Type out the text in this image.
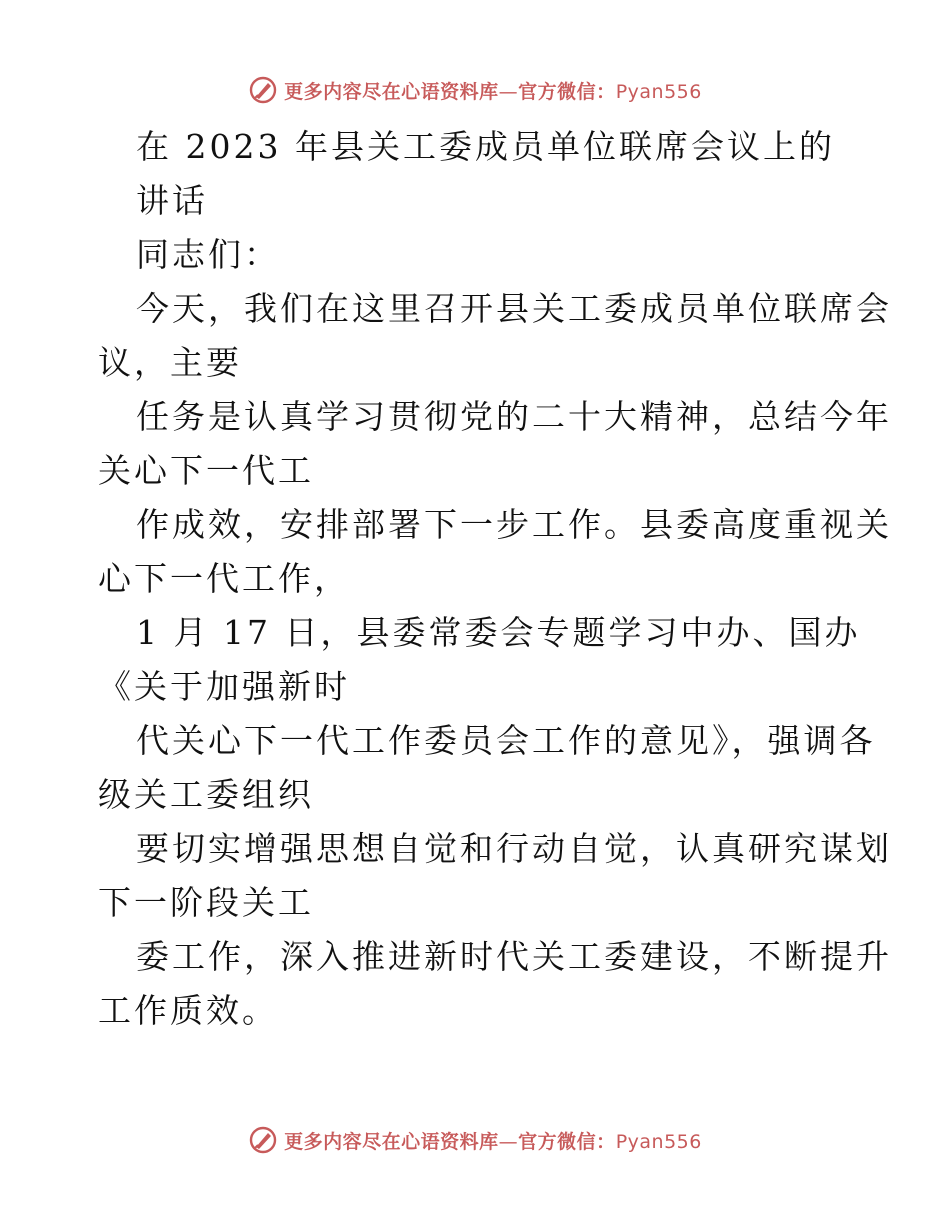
更多内容尽在心语资料库—官方微信：Pyan556
在 2023 年县关工委成员单位联席会议上的
讲话
同志们：
今天，我们在这里召开县关工委成员单位联席会
议，主要
任务是认真学习贯彻党的二十大精神，总结今年
关心下一代工
作成效，安排部署下一步工作。县委高度重视关
心下一代工作，
1 月 17 日，县委常委会专题学习中办、国办
《关于加强新时
代关心下一代工作委员会工作的意见》，强调各
级关工委组织
要切实增强思想自觉和行动自觉，认真研究谋划
下一阶段关工
委工作，深入推进新时代关工委建设，不断提升
工作质效。
更多内容尽在心语资料库—官方微信：Pyan556
